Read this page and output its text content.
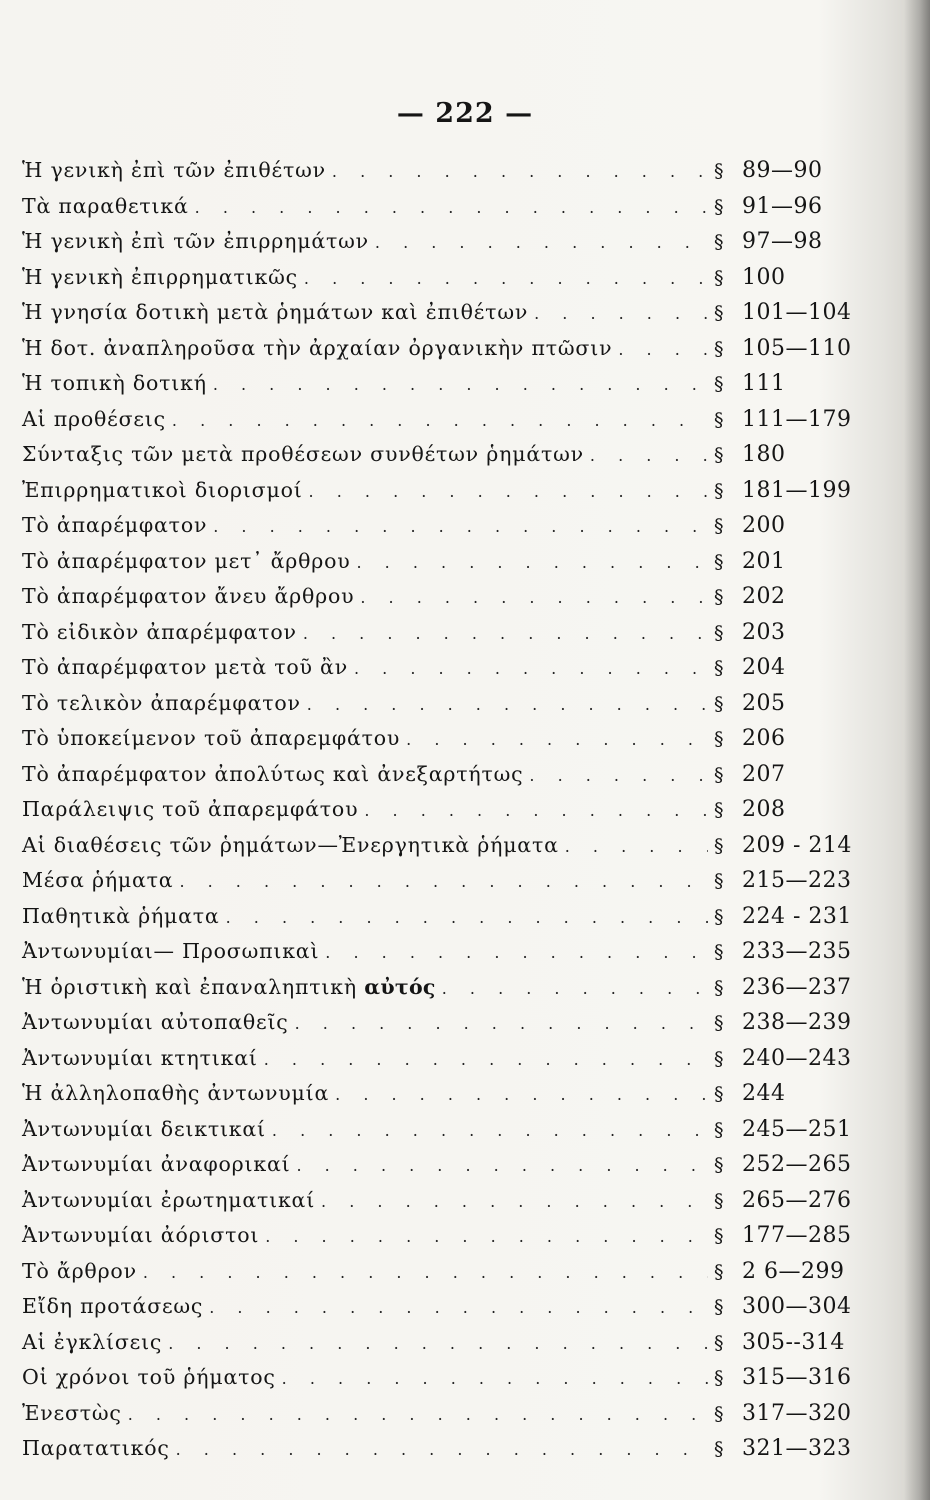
— 222 —
Ἡ γενικὴ ἐπὶ τῶν ἐπιθέτων . . .	§ 89—90
Τὰ παραθετικά . . .	§ 91—96
Ἡ γενικὴ ἐπὶ τῶν ἐπιρρημάτων . . .	§ 97—98
Ἡ γενικὴ ἐπιρρηματικῶς . . .	§ 100
Ἡ γνησία δοτικὴ μετὰ ῥημάτων καὶ ἐπιθέτων . . .	§ 101—104
Ἡ δοτ. ἀναπληροῦσα τὴν ἀρχαίαν ὀργανικὴν πτῶσιν . . .	§ 105—110
Ἡ τοπικὴ δοτική . . .	§ 111
Αἱ προθέσεις . . .	§ 111—179
Σύνταξις τῶν μετὰ προθέσεων συνθέτων ῥημάτων . . .	§ 180
Ἐπιρρηματικοὶ διορισμοί . . .	§ 181—199
Τὸ ἀπαρέμφατον . . .	§ 200
Τὸ ἀπαρέμφατον μετ᾽ ἄρθρου . . .	§ 201
Τὸ ἀπαρέμφατον ἄνευ ἄρθρου . . .	§ 202
Τὸ εἰδικὸν ἀπαρέμφατον . . .	§ 203
Τὸ ἀπαρέμφατον μετὰ τοῦ ἂν . . .	§ 204
Τὸ τελικὸν ἀπαρέμφατον . . .	§ 205
Τὸ ὑποκείμενον τοῦ ἀπαρεμφάτου . . .	§ 206
Τὸ ἀπαρέμφατον ἀπολύτως καὶ ἀνεξαρτήτως . . .	§ 207
Παράλειψις τοῦ ἀπαρεμφάτου . . .	§ 208
Αἱ διαθέσεις τῶν ῥημάτων—Ἐνεργητικὰ ῥήματα . . .	§ 209 - 214
Μέσα ῥήματα . . .	§ 215—223
Παθητικὰ ῥήματα . . .	§ 224 - 231
Ἀντωνυμίαι— Προσωπικαὶ . . .	§ 233—235
Ἡ ὁριστικὴ καὶ ἐπαναληπτικὴ αὐτός . . .	§ 236—237
Ἀντωνυμίαι αὐτοπαθεῖς . . .	§ 238—239
Ἀντωνυμίαι κτητικαί . . .	§ 240—243
Ἡ ἀλληλοπαθὴς ἀντωνυμία . . .	§ 244
Ἀντωνυμίαι δεικτικαί . . .	§ 245—251
Ἀντωνυμίαι ἀναφορικαί . . .	§ 252—265
Ἀντωνυμίαι ἐρωτηματικαί . . .	§ 265—276
Ἀντωνυμίαι ἀόριστοι . . .	§ 177—285
Τὸ ἄρθρον . . .	§ 2 6—299
Εἴδη προτάσεως . . .	§ 300—304
Αἱ ἐγκλίσεις . . .	§ 305--314
Οἱ χρόνοι τοῦ ῥήματος . . .	§ 315—316
Ἐνεστὼς . . .	§ 317—320
Παρατατικός . . .	§ 321—323
